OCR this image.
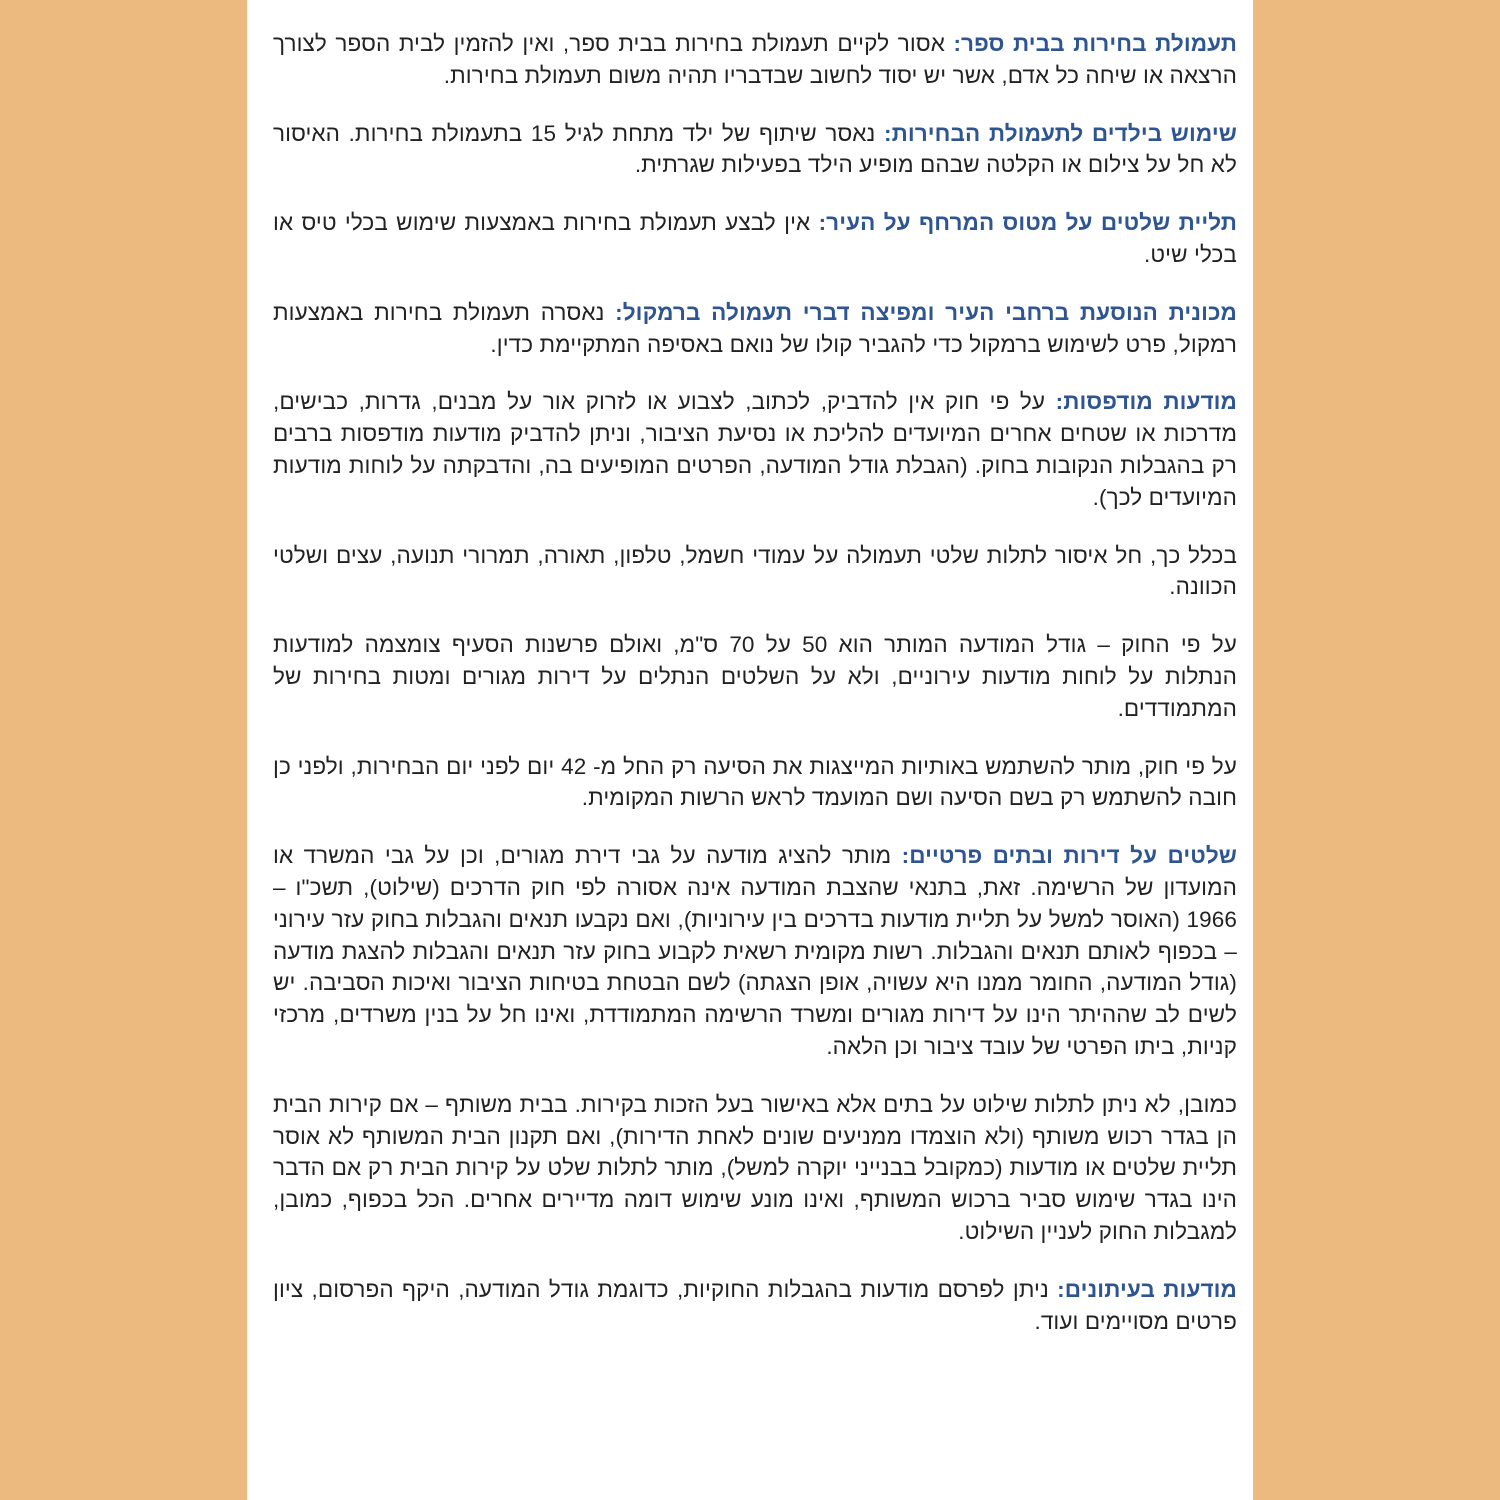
תעמולת בחירות בבית ספר: אסור לקיים תעמולת בחירות בבית ספר, ואין להזמין לבית הספר לצורך הרצאה או שיחה כל אדם, אשר יש יסוד לחשוב שבדבריו תהיה משום תעמולת בחירות.

שימוש בילדים לתעמולת הבחירות: נאסר שיתוף של ילד מתחת לגיל 15 בתעמולת בחירות. האיסור לא חל על צילום או הקלטה שבהם מופיע הילד בפעילות שגרתית.

תליית שלטים על מטוס המרחף על העיר: אין לבצע תעמולת בחירות באמצעות שימוש בכלי טיס או בכלי שיט.

מכונית הנוסעת ברחבי העיר ומפיצה דברי תעמולה ברמקול: נאסרה תעמולת בחירות באמצעות רמקול, פרט לשימוש ברמקול כדי להגביר קולו של נואם באסיפה המתקיימת כדין.

מודעות מודפסות: על פי חוק אין להדביק, לכתוב, לצבוע או לזרוק אור על מבנים, גדרות, כבישים, מדרכות או שטחים אחרים המיועדים להליכת או נסיעת הציבור, וניתן להדביק מודעות מודפסות ברבים רק בהגבלות הנקובות בחוק. (הגבלת גודל המודעה, הפרטים המופיעים בה, והדבקתה על לוחות מודעות המיועדים לכך).

בכלל כך, חל איסור לתלות שלטי תעמולה על עמודי חשמל, טלפון, תאורה, תמרורי תנועה, עצים ושלטי הכוונה.

על פי החוק – גודל המודעה המותר הוא 50 על 70 ס"מ, ואולם פרשנות הסעיף צומצמה למודעות הנתלות על לוחות מודעות עירוניים, ולא על השלטים הנתלים על דירות מגורים ומטות בחירות של המתמודדים.

על פי חוק, מותר להשתמש באותיות המייצגות את הסיעה רק החל מ- 42 יום לפני יום הבחירות, ולפני כן חובה להשתמש רק בשם הסיעה ושם המועמד לראש הרשות המקומית.

שלטים על דירות ובתים פרטיים: מותר להציג מודעה על גבי דירת מגורים, וכן על גבי המשרד או המועדון של הרשימה. זאת, בתנאי שהצבת המודעה אינה אסורה לפי חוק הדרכים (שילוט), תשכ"ו – 1966 (האוסר למשל על תליית מודעות בדרכים בין עירוניות), ואם נקבעו תנאים והגבלות בחוק עזר עירוני – בכפוף לאותם תנאים והגבלות. רשות מקומית רשאית לקבוע בחוק עזר תנאים והגבלות להצגת מודעה (גודל המודעה, החומר ממנו היא עשויה, אופן הצגתה) לשם הבטחת בטיחות הציבור ואיכות הסביבה. יש לשים לב שההיתר הינו על דירות מגורים ומשרד הרשימה המתמודדת, ואינו חל על בנין משרדים, מרכזי קניות, ביתו הפרטי של עובד ציבור וכן הלאה.

כמובן, לא ניתן לתלות שילוט על בתים אלא באישור בעל הזכות בקירות. בבית משותף – אם קירות הבית הן בגדר רכוש משותף (ולא הוצמדו ממניעים שונים לאחת הדירות), ואם תקנון הבית המשותף לא אוסר תליית שלטים או מודעות (כמקובל בבנייני יוקרה למשל), מותר לתלות שלט על קירות הבית רק אם הדבר הינו בגדר שימוש סביר ברכוש המשותף, ואינו מונע שימוש דומה מדיירים אחרים. הכל בכפוף, כמובן, למגבלות החוק לעניין השילוט.

מודעות בעיתונים: ניתן לפרסם מודעות בהגבלות החוקיות, כדוגמת גודל המודעה, היקף הפרסום, ציון פרטים מסויימים ועוד.
